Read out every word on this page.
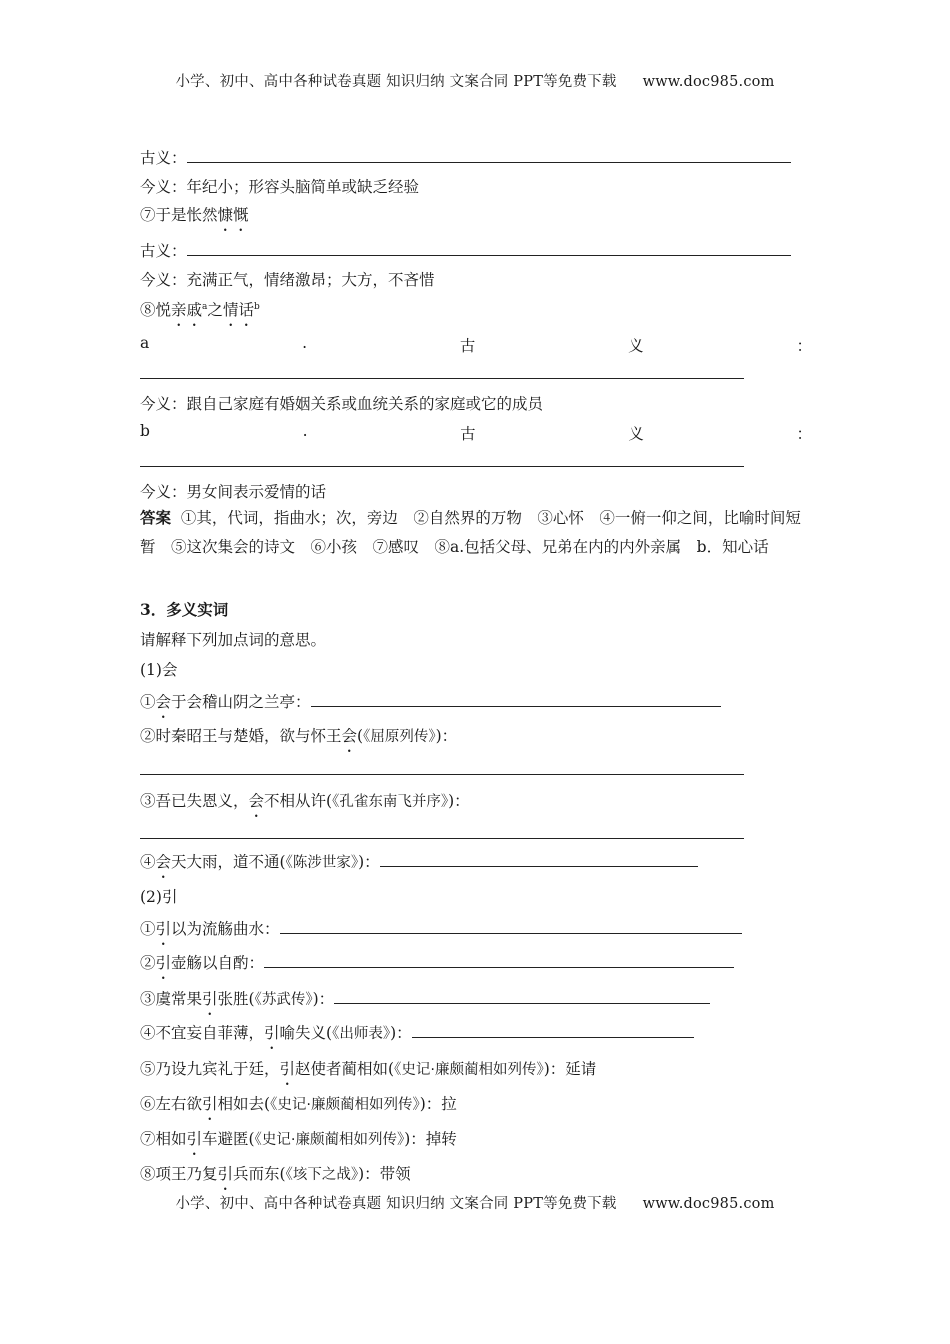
小学、初中、高中各种试卷真题 知识归纳 文案合同 PPT等免费下载 www.doc985.com
古义：
今义：年纪小；形容头脑简单或缺乏经验
⑦于是怅然慷慨
古义：
今义：充满正气，情绪激昂；大方，不吝惜
⑧悦亲戚$^a$之情话$^b$
a	.	古	义	：
今义：跟自己家庭有婚姻关系或血统关系的家庭或它的成员
b	.	古	义	：
今义：男女间表示爱情的话
答案 ①其，代词，指曲水；次，旁边　②自然界的万物　③心怀　④一俯一仰之间，比喻时间短暂　⑤这次集会的诗文　⑥小孩　⑦感叹　⑧a.包括父母、兄弟在内的内外亲属　b．知心话
3．多义实词
请解释下列加点词的意思。
(1)会
①会于会稽山阴之兰亭：
②时秦昭王与楚婚，欲与怀王会(《屈原列传》)：
③吾已失恩义，会不相从许(《孔雀东南飞并序》)：
④会天大雨，道不通(《陈涉世家》)：
(2)引
①引以为流觞曲水：
②引壶觞以自酌：
③虞常果引张胜(《苏武传》)：
④不宜妄自菲薄，引喻失义(《出师表》)：
⑤乃设九宾礼于廷，引赵使者蔺相如(《史记·廉颇蔺相如列传》)：延请
⑥左右欲引相如去(《史记·廉颇蔺相如列传》)：拉
⑦相如引车避匿(《史记·廉颇蔺相如列传》)：掉转
⑧项王乃复引兵而东(《垓下之战》)：带领
小学、初中、高中各种试卷真题 知识归纳 文案合同 PPT等免费下载 www.doc985.com
